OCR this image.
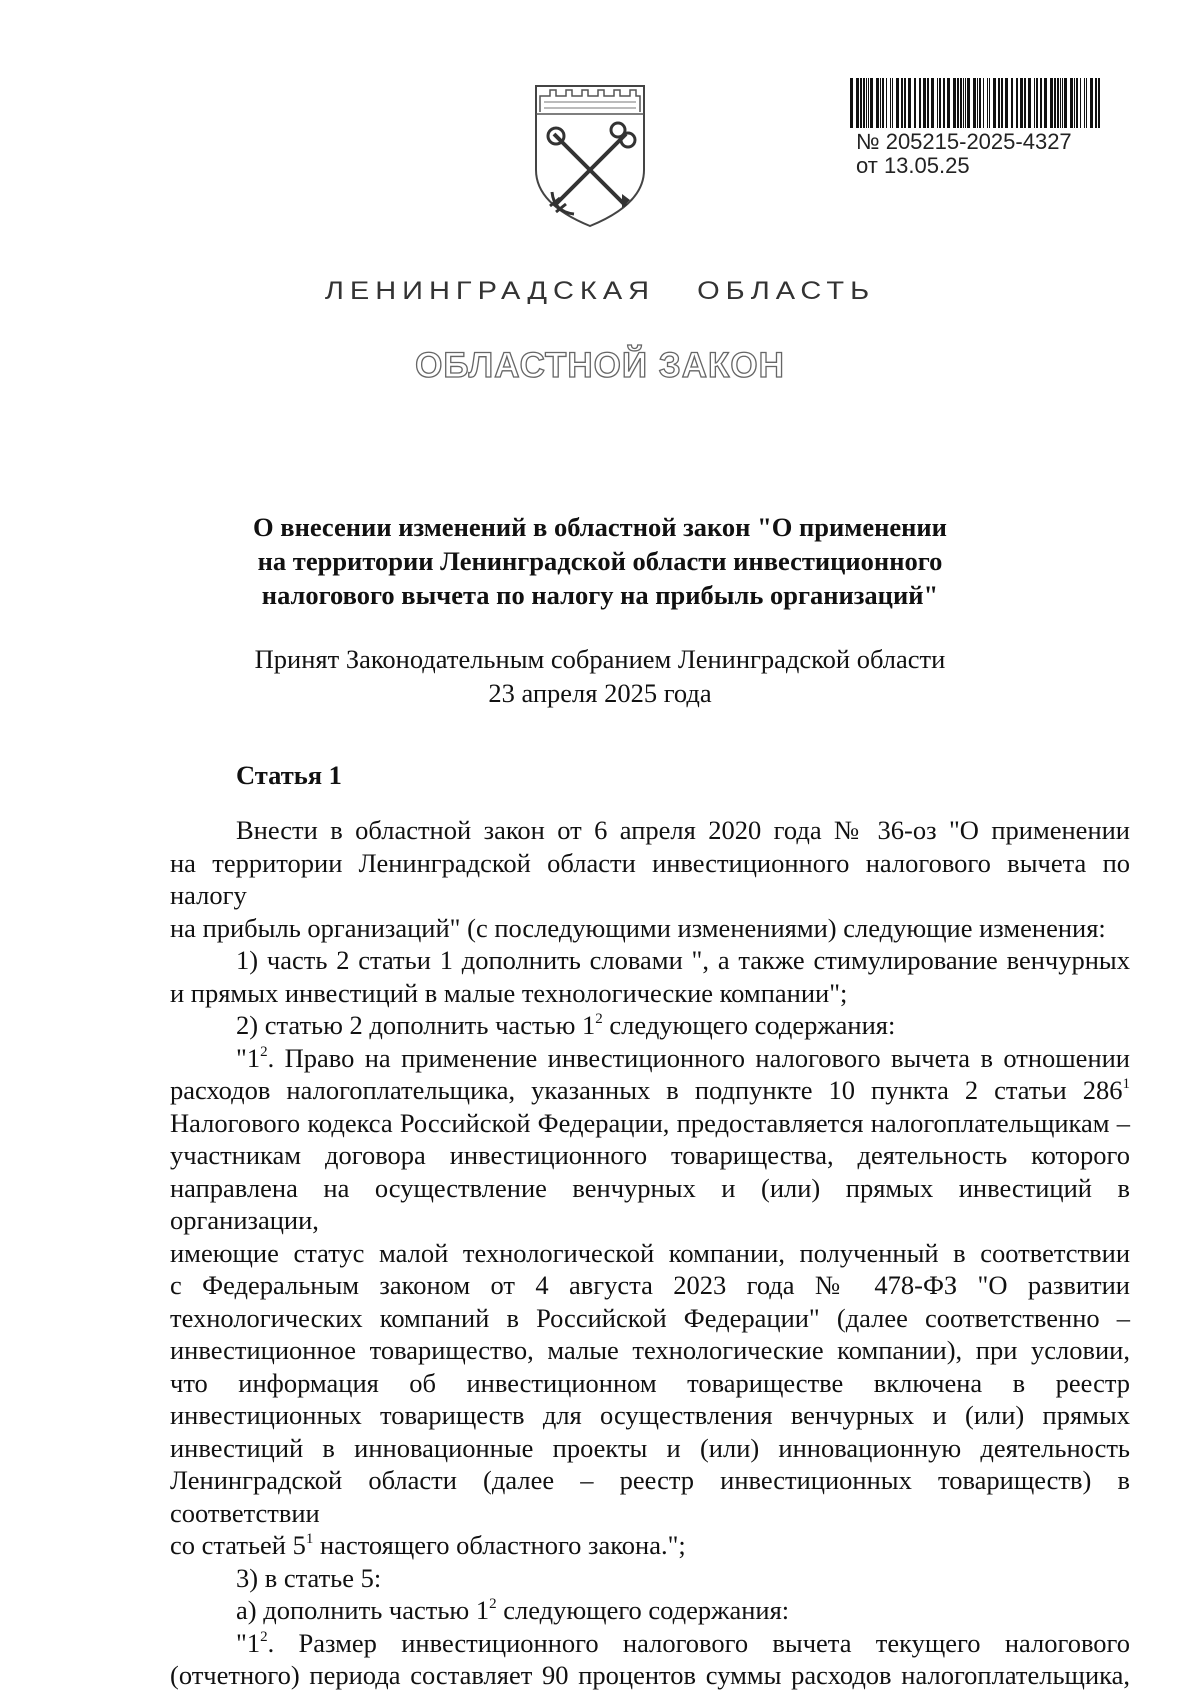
№ 205215-2025-4327
от 13.05.25
ЛЕНИНГРАДСКАЯ ОБЛАСТЬ
ОБЛАСТНОЙ ЗАКОН
О внесении изменений в областной закон "О применении
на территории Ленинградской области инвестиционного
налогового вычета по налогу на прибыль организаций"
Принят Законодательным собранием Ленинградской области
23 апреля 2025 года
Статья 1
Внести в областной закон от 6 апреля 2020 года № 36-оз "О применении
на территории Ленинградской области инвестиционного налогового вычета по налогу
на прибыль организаций" (с последующими изменениями) следующие изменения:
1) часть 2 статьи 1 дополнить словами ", а также стимулирование венчурных
и прямых инвестиций в малые технологические компании";
2) статью 2 дополнить частью $1^2$ следующего содержания:
"$1^2$. Право на применение инвестиционного налогового вычета в отношении
расходов налогоплательщика, указанных в подпункте 10 пункта 2 статьи $286^1$
Налогового кодекса Российской Федерации, предоставляется налогоплательщикам –
участникам договора инвестиционного товарищества, деятельность которого
направлена на осуществление венчурных и (или) прямых инвестиций в организации,
имеющие статус малой технологической компании, полученный в соответствии
с Федеральным законом от 4 августа 2023 года № 478-ФЗ "О развитии
технологических компаний в Российской Федерации" (далее соответственно –
инвестиционное товарищество, малые технологические компании), при условии,
что информация об инвестиционном товариществе включена в реестр
инвестиционных товариществ для осуществления венчурных и (или) прямых
инвестиций в инновационные проекты и (или) инновационную деятельность
Ленинградской области (далее – реестр инвестиционных товариществ) в соответствии
со статьей $5^1$ настоящего областного закона.";
3) в статье 5:
а) дополнить частью $1^2$ следующего содержания:
"$1^2$. Размер инвестиционного налогового вычета текущего налогового
(отчетного) периода составляет 90 процентов суммы расходов налогоплательщика,
